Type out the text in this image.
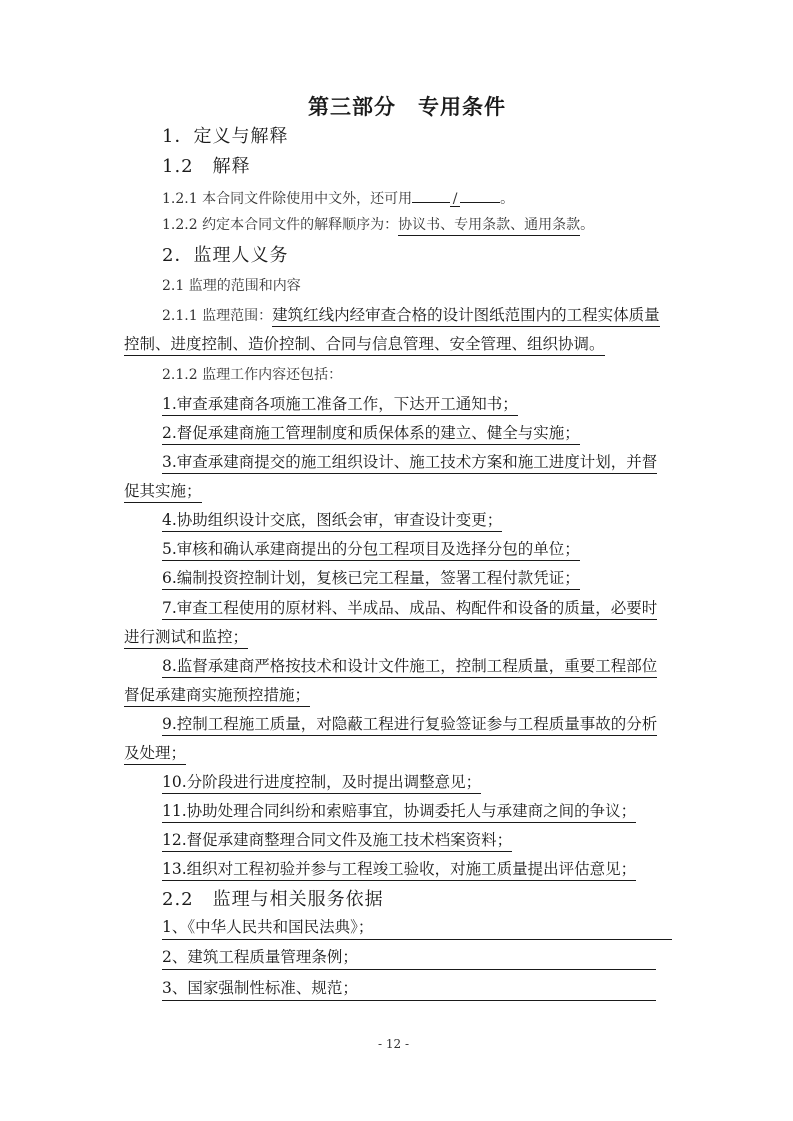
第三部分　专用条件
1．定义与解释
1.2　解释
1.2.1 本合同文件除使用中文外，还可用	/	。
1.2.2 约定本合同文件的解释顺序为：协议书、专用条款、通用条款。
2．监理人义务
2.1 监理的范围和内容
2.1.1 监理范围：建筑红线内经审查合格的设计图纸范围内的工程实体质量
控制、进度控制、造价控制、合同与信息管理、安全管理、组织协调。
2.1.2 监理工作内容还包括：
1.审查承建商各项施工准备工作，下达开工通知书；
2.督促承建商施工管理制度和质保体系的建立、健全与实施；
3.审查承建商提交的施工组织设计、施工技术方案和施工进度计划，并督
促其实施；
4.协助组织设计交底，图纸会审，审查设计变更；
5.审核和确认承建商提出的分包工程项目及选择分包的单位；
6.编制投资控制计划，复核已完工程量，签署工程付款凭证；
7.审查工程使用的原材料、半成品、成品、构配件和设备的质量，必要时
进行测试和监控；
8.监督承建商严格按技术和设计文件施工，控制工程质量，重要工程部位
督促承建商实施预控措施；
9.控制工程施工质量，对隐蔽工程进行复验签证参与工程质量事故的分析
及处理；
10.分阶段进行进度控制，及时提出调整意见；
11.协助处理合同纠纷和索赔事宜，协调委托人与承建商之间的争议；
12.督促承建商整理合同文件及施工技术档案资料；
13.组织对工程初验并参与工程竣工验收，对施工质量提出评估意见；
2.2　监理与相关服务依据
1、《中华人民共和国民法典》；
2、建筑工程质量管理条例；
3、国家强制性标准、规范；
- 12 -
